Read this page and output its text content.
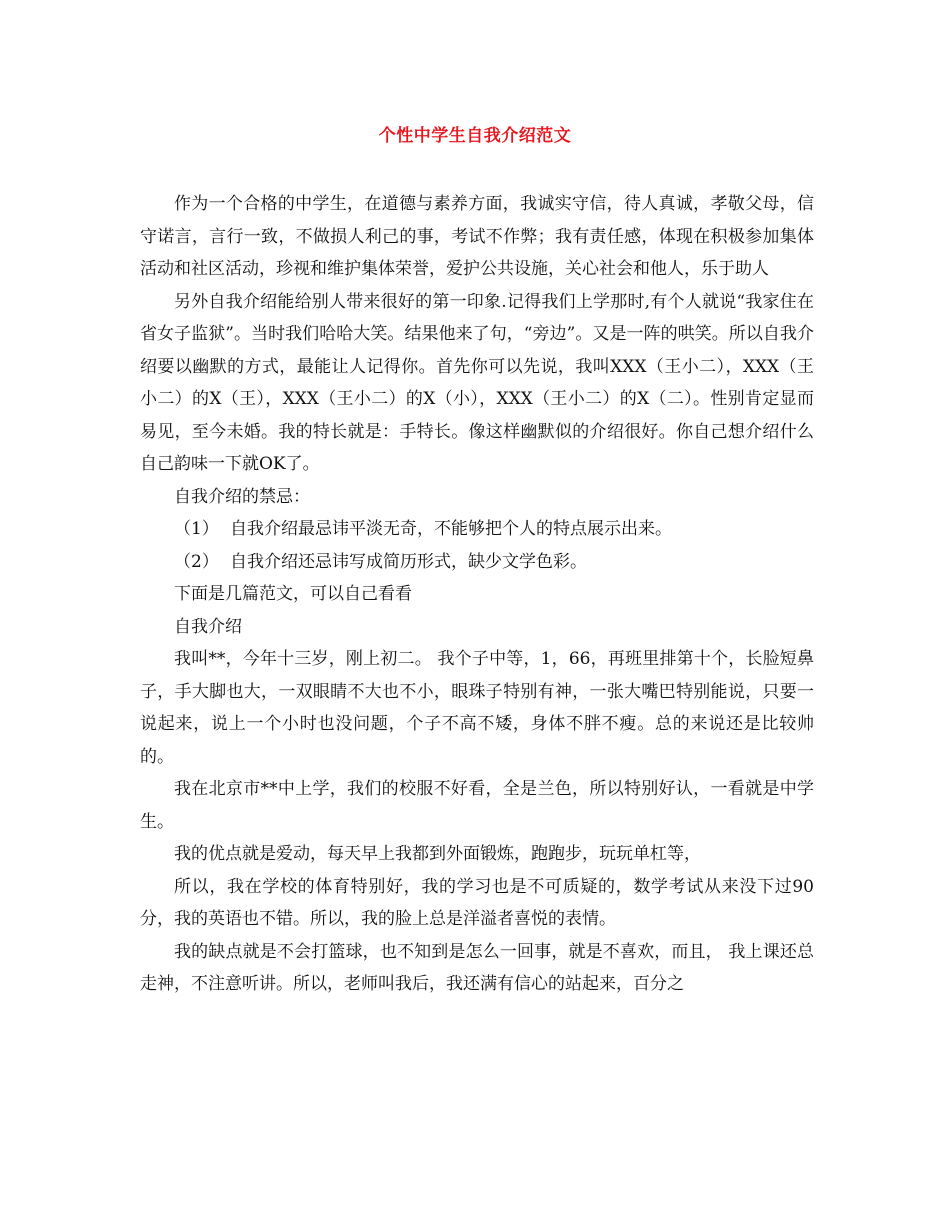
个性中学生自我介绍范文

作为一个合格的中学生，在道德与素养方面，我诚实守信，待人真诚，孝敬父母，信守诺言，言行一致，不做损人利己的事，考试不作弊；我有责任感，体现在积极参加集体活动和社区活动，珍视和维护集体荣誉，爱护公共设施，关心社会和他人，乐于助人

另外自我介绍能给别人带来很好的第一印象.记得我们上学那时,有个人就说“我家住在省女子监狱”。当时我们哈哈大笑。结果他来了句，“旁边”。又是一阵的哄笑。所以自我介绍要以幽默的方式，最能让人记得你。首先你可以先说，我叫XXX（王小二），XXX（王小二）的X（王），XXX（王小二）的X（小），XXX（王小二）的X（二）。性别肯定显而易见，至今未婚。我的特长就是：手特长。像这样幽默似的介绍很好。你自己想介绍什么自己韵味一下就OK了。

自我介绍的禁忌：

（1） 自我介绍最忌讳平淡无奇，不能够把个人的特点展示出来。

（2） 自我介绍还忌讳写成简历形式，缺少文学色彩。

下面是几篇范文，可以自己看看

自我介绍

我叫**，今年十三岁，刚上初二。 我个子中等，1，66，再班里排第十个，长脸短鼻子，手大脚也大，一双眼睛不大也不小，眼珠子特别有神，一张大嘴巴特别能说，只要一说起来，说上一个小时也没问题，个子不高不矮，身体不胖不瘦。总的来说还是比较帅的。

我在北京市**中上学，我们的校服不好看，全是兰色，所以特别好认，一看就是中学生。

我的优点就是爱动，每天早上我都到外面锻炼，跑跑步，玩玩单杠等，

所以，我在学校的体育特别好，我的学习也是不可质疑的，数学考试从来没下过90分，我的英语也不错。所以，我的脸上总是洋溢者喜悦的表情。

我的缺点就是不会打篮球，也不知到是怎么一回事，就是不喜欢，而且， 我上课还总走神，不注意听讲。所以，老师叫我后，我还满有信心的站起来，百分之
